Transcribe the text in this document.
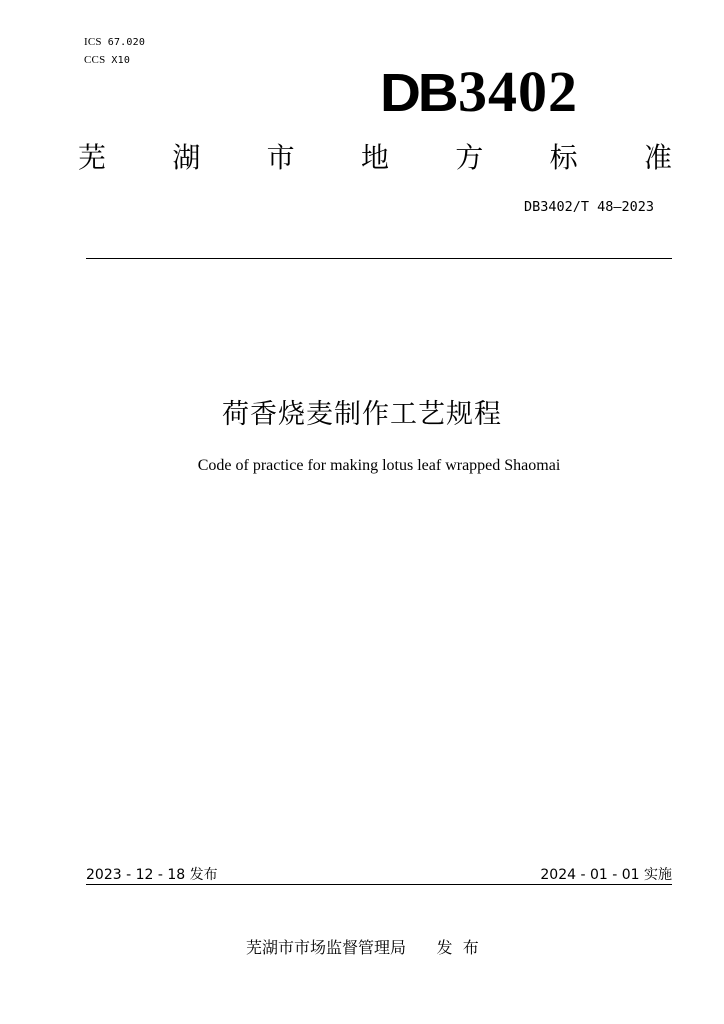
ICS 67.020
CCS X10
DB 3402
芜 湖 市 地 方 标 准
DB3402/T 48—2023
荷香烧麦制作工艺规程
Code of practice for making lotus leaf wrapped Shaomai
2023 - 12 - 18 发布	2024 - 01 - 01 实施
芜湖市市场监督管理局 发  布
